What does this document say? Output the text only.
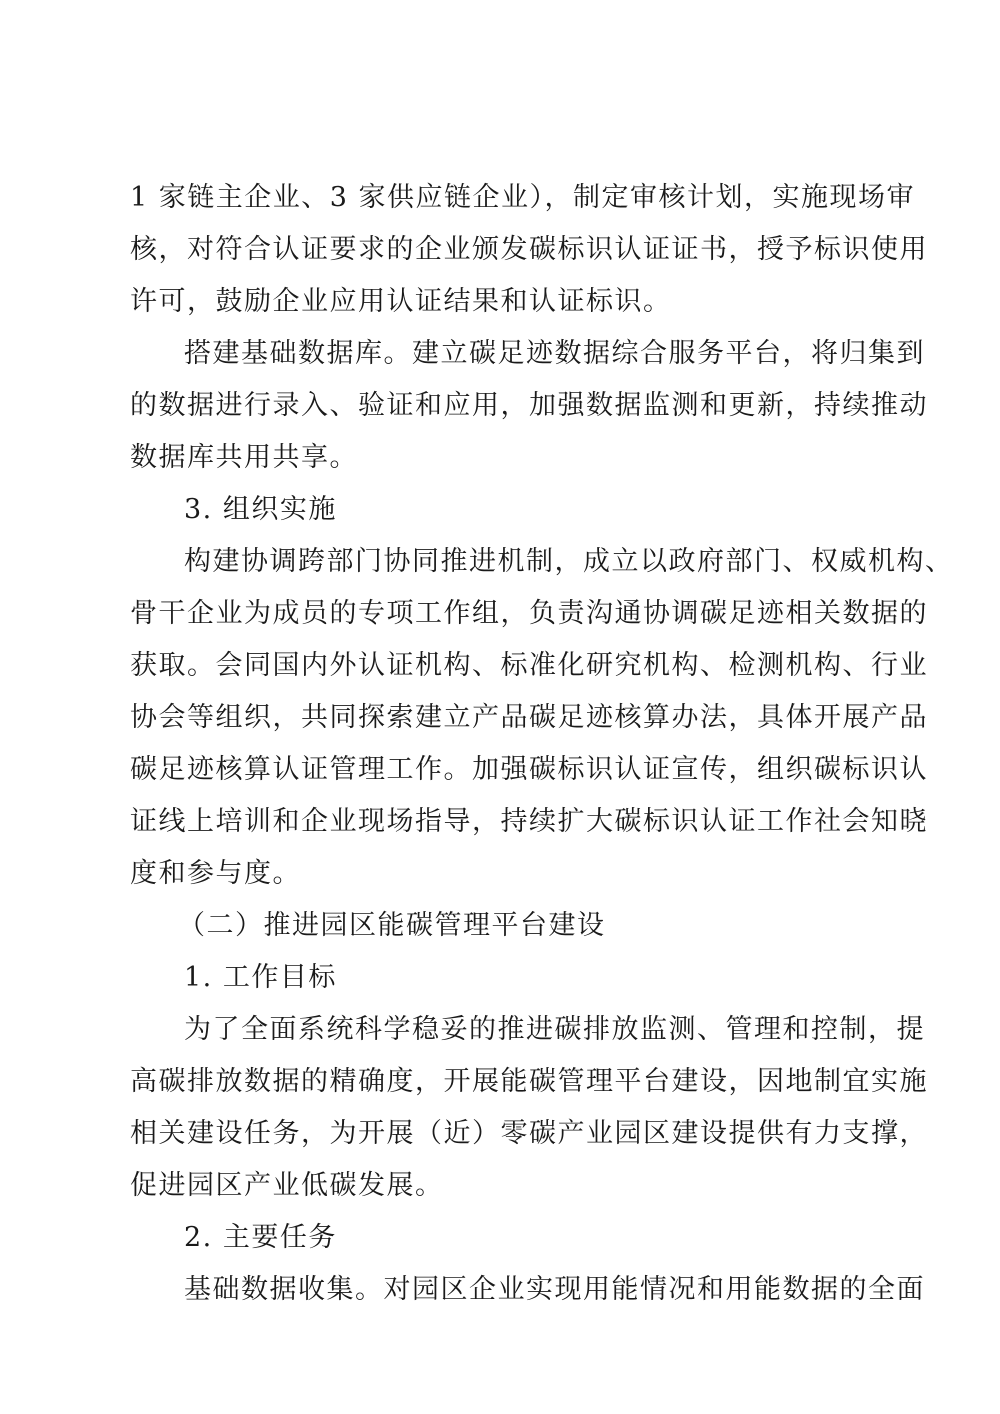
1 家链主企业、3 家供应链企业），制定审核计划，实施现场审
核，对符合认证要求的企业颁发碳标识认证证书，授予标识使用
许可，鼓励企业应用认证结果和认证标识。
搭建基础数据库。建立碳足迹数据综合服务平台，将归集到
的数据进行录入、验证和应用，加强数据监测和更新，持续推动
数据库共用共享。
3. 组织实施
构建协调跨部门协同推进机制，成立以政府部门、权威机构、
骨干企业为成员的专项工作组，负责沟通协调碳足迹相关数据的
获取。会同国内外认证机构、标准化研究机构、检测机构、行业
协会等组织，共同探索建立产品碳足迹核算办法，具体开展产品
碳足迹核算认证管理工作。加强碳标识认证宣传，组织碳标识认
证线上培训和企业现场指导，持续扩大碳标识认证工作社会知晓
度和参与度。
（二）推进园区能碳管理平台建设
1. 工作目标
为了全面系统科学稳妥的推进碳排放监测、管理和控制，提
高碳排放数据的精确度，开展能碳管理平台建设，因地制宜实施
相关建设任务，为开展（近）零碳产业园区建设提供有力支撑，
促进园区产业低碳发展。
2. 主要任务
基础数据收集。对园区企业实现用能情况和用能数据的全面
